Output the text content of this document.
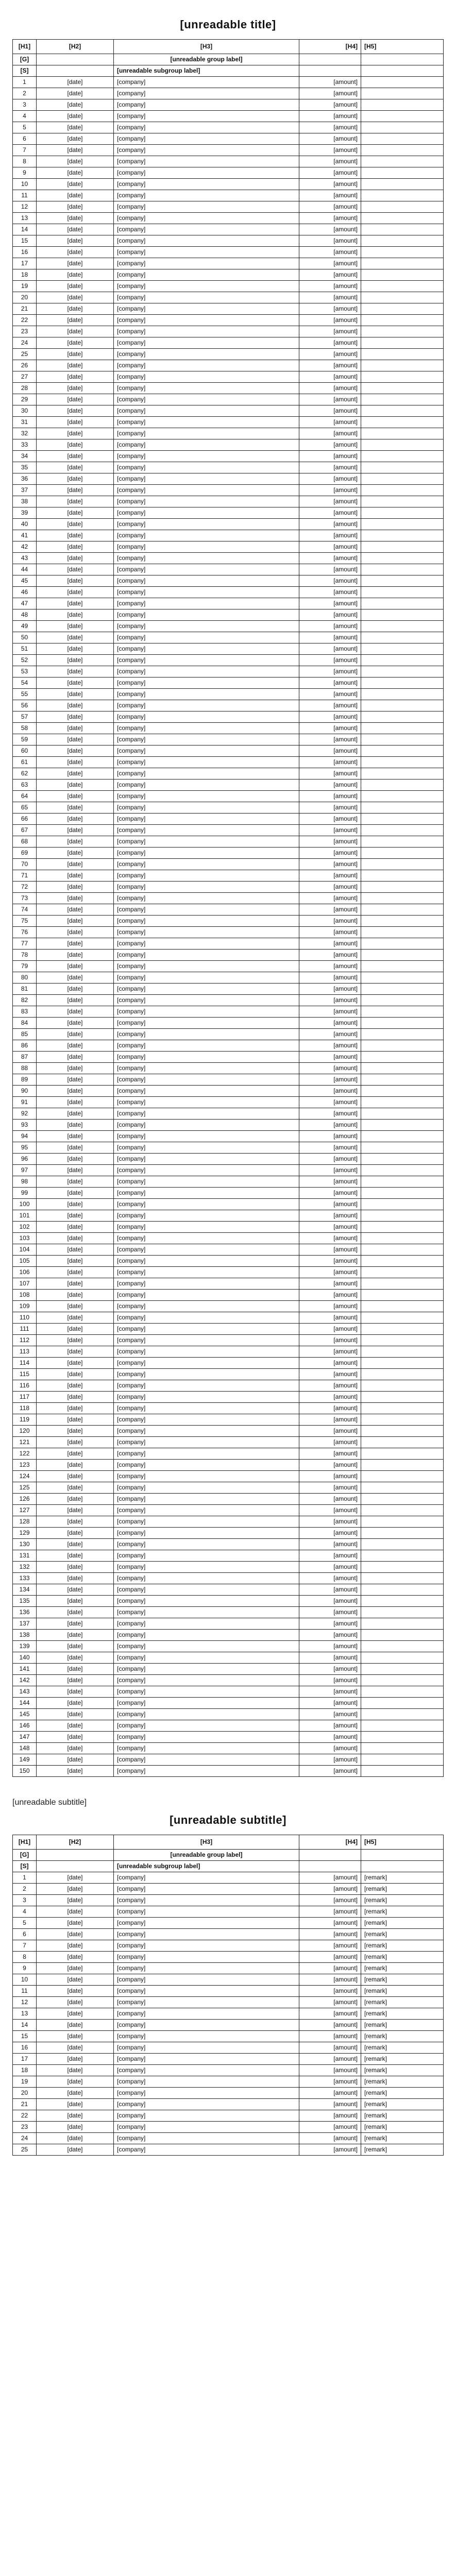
[unreadable title]
[H1]	[H2]	[H3]	[H4]	[H5]
[G]		[unreadable group label]		
[S]		[unreadable subgroup label]		
1	[date]	[company]	[amount]	
2	[date]	[company]	[amount]	
3	[date]	[company]	[amount]	
4	[date]	[company]	[amount]	
5	[date]	[company]	[amount]	
6	[date]	[company]	[amount]	
7	[date]	[company]	[amount]	
8	[date]	[company]	[amount]	
9	[date]	[company]	[amount]	
10	[date]	[company]	[amount]	
11	[date]	[company]	[amount]	
12	[date]	[company]	[amount]	
13	[date]	[company]	[amount]	
14	[date]	[company]	[amount]	
15	[date]	[company]	[amount]	
16	[date]	[company]	[amount]	
17	[date]	[company]	[amount]	
18	[date]	[company]	[amount]	
19	[date]	[company]	[amount]	
20	[date]	[company]	[amount]	
21	[date]	[company]	[amount]	
22	[date]	[company]	[amount]	
23	[date]	[company]	[amount]	
24	[date]	[company]	[amount]	
25	[date]	[company]	[amount]	
26	[date]	[company]	[amount]	
27	[date]	[company]	[amount]	
28	[date]	[company]	[amount]	
29	[date]	[company]	[amount]	
30	[date]	[company]	[amount]	
31	[date]	[company]	[amount]	
32	[date]	[company]	[amount]	
33	[date]	[company]	[amount]	
34	[date]	[company]	[amount]	
35	[date]	[company]	[amount]	
36	[date]	[company]	[amount]	
37	[date]	[company]	[amount]	
38	[date]	[company]	[amount]	
39	[date]	[company]	[amount]	
40	[date]	[company]	[amount]	
41	[date]	[company]	[amount]	
42	[date]	[company]	[amount]	
43	[date]	[company]	[amount]	
44	[date]	[company]	[amount]	
45	[date]	[company]	[amount]	
46	[date]	[company]	[amount]	
47	[date]	[company]	[amount]	
48	[date]	[company]	[amount]	
49	[date]	[company]	[amount]	
50	[date]	[company]	[amount]	
51	[date]	[company]	[amount]	
52	[date]	[company]	[amount]	
53	[date]	[company]	[amount]	
54	[date]	[company]	[amount]	
55	[date]	[company]	[amount]	
56	[date]	[company]	[amount]	
57	[date]	[company]	[amount]	
58	[date]	[company]	[amount]	
59	[date]	[company]	[amount]	
60	[date]	[company]	[amount]	
61	[date]	[company]	[amount]	
62	[date]	[company]	[amount]	
63	[date]	[company]	[amount]	
64	[date]	[company]	[amount]	
65	[date]	[company]	[amount]	
66	[date]	[company]	[amount]	
67	[date]	[company]	[amount]	
68	[date]	[company]	[amount]	
69	[date]	[company]	[amount]	
70	[date]	[company]	[amount]	
71	[date]	[company]	[amount]	
72	[date]	[company]	[amount]	
73	[date]	[company]	[amount]	
74	[date]	[company]	[amount]	
75	[date]	[company]	[amount]	
76	[date]	[company]	[amount]	
77	[date]	[company]	[amount]	
78	[date]	[company]	[amount]	
79	[date]	[company]	[amount]	
80	[date]	[company]	[amount]	
81	[date]	[company]	[amount]	
82	[date]	[company]	[amount]	
83	[date]	[company]	[amount]	
84	[date]	[company]	[amount]	
85	[date]	[company]	[amount]	
86	[date]	[company]	[amount]	
87	[date]	[company]	[amount]	
88	[date]	[company]	[amount]	
89	[date]	[company]	[amount]	
90	[date]	[company]	[amount]	
91	[date]	[company]	[amount]	
92	[date]	[company]	[amount]	
93	[date]	[company]	[amount]	
94	[date]	[company]	[amount]	
95	[date]	[company]	[amount]	
96	[date]	[company]	[amount]	
97	[date]	[company]	[amount]	
98	[date]	[company]	[amount]	
99	[date]	[company]	[amount]	
100	[date]	[company]	[amount]	
101	[date]	[company]	[amount]	
102	[date]	[company]	[amount]	
103	[date]	[company]	[amount]	
104	[date]	[company]	[amount]	
105	[date]	[company]	[amount]	
106	[date]	[company]	[amount]	
107	[date]	[company]	[amount]	
108	[date]	[company]	[amount]	
109	[date]	[company]	[amount]	
110	[date]	[company]	[amount]	
111	[date]	[company]	[amount]	
112	[date]	[company]	[amount]	
113	[date]	[company]	[amount]	
114	[date]	[company]	[amount]	
115	[date]	[company]	[amount]	
116	[date]	[company]	[amount]	
117	[date]	[company]	[amount]	
118	[date]	[company]	[amount]	
119	[date]	[company]	[amount]	
120	[date]	[company]	[amount]	
121	[date]	[company]	[amount]	
122	[date]	[company]	[amount]	
123	[date]	[company]	[amount]	
124	[date]	[company]	[amount]	
125	[date]	[company]	[amount]	
126	[date]	[company]	[amount]	
127	[date]	[company]	[amount]	
128	[date]	[company]	[amount]	
129	[date]	[company]	[amount]	
130	[date]	[company]	[amount]	
131	[date]	[company]	[amount]	
132	[date]	[company]	[amount]	
133	[date]	[company]	[amount]	
134	[date]	[company]	[amount]	
135	[date]	[company]	[amount]	
136	[date]	[company]	[amount]	
137	[date]	[company]	[amount]	
138	[date]	[company]	[amount]	
139	[date]	[company]	[amount]	
140	[date]	[company]	[amount]	
141	[date]	[company]	[amount]	
142	[date]	[company]	[amount]	
143	[date]	[company]	[amount]	
144	[date]	[company]	[amount]	
145	[date]	[company]	[amount]	
146	[date]	[company]	[amount]	
147	[date]	[company]	[amount]	
148	[date]	[company]	[amount]	
149	[date]	[company]	[amount]	
150	[date]	[company]	[amount]	
[unreadable subtitle]
[unreadable subtitle]
[H1]	[H2]	[H3]	[H4]	[H5]
[G]		[unreadable group label]		
[S]		[unreadable subgroup label]		
1	[date]	[company]	[amount]	[remark]
2	[date]	[company]	[amount]	[remark]
3	[date]	[company]	[amount]	[remark]
4	[date]	[company]	[amount]	[remark]
5	[date]	[company]	[amount]	[remark]
6	[date]	[company]	[amount]	[remark]
7	[date]	[company]	[amount]	[remark]
8	[date]	[company]	[amount]	[remark]
9	[date]	[company]	[amount]	[remark]
10	[date]	[company]	[amount]	[remark]
11	[date]	[company]	[amount]	[remark]
12	[date]	[company]	[amount]	[remark]
13	[date]	[company]	[amount]	[remark]
14	[date]	[company]	[amount]	[remark]
15	[date]	[company]	[amount]	[remark]
16	[date]	[company]	[amount]	[remark]
17	[date]	[company]	[amount]	[remark]
18	[date]	[company]	[amount]	[remark]
19	[date]	[company]	[amount]	[remark]
20	[date]	[company]	[amount]	[remark]
21	[date]	[company]	[amount]	[remark]
22	[date]	[company]	[amount]	[remark]
23	[date]	[company]	[amount]	[remark]
24	[date]	[company]	[amount]	[remark]
25	[date]	[company]	[amount]	[remark]
